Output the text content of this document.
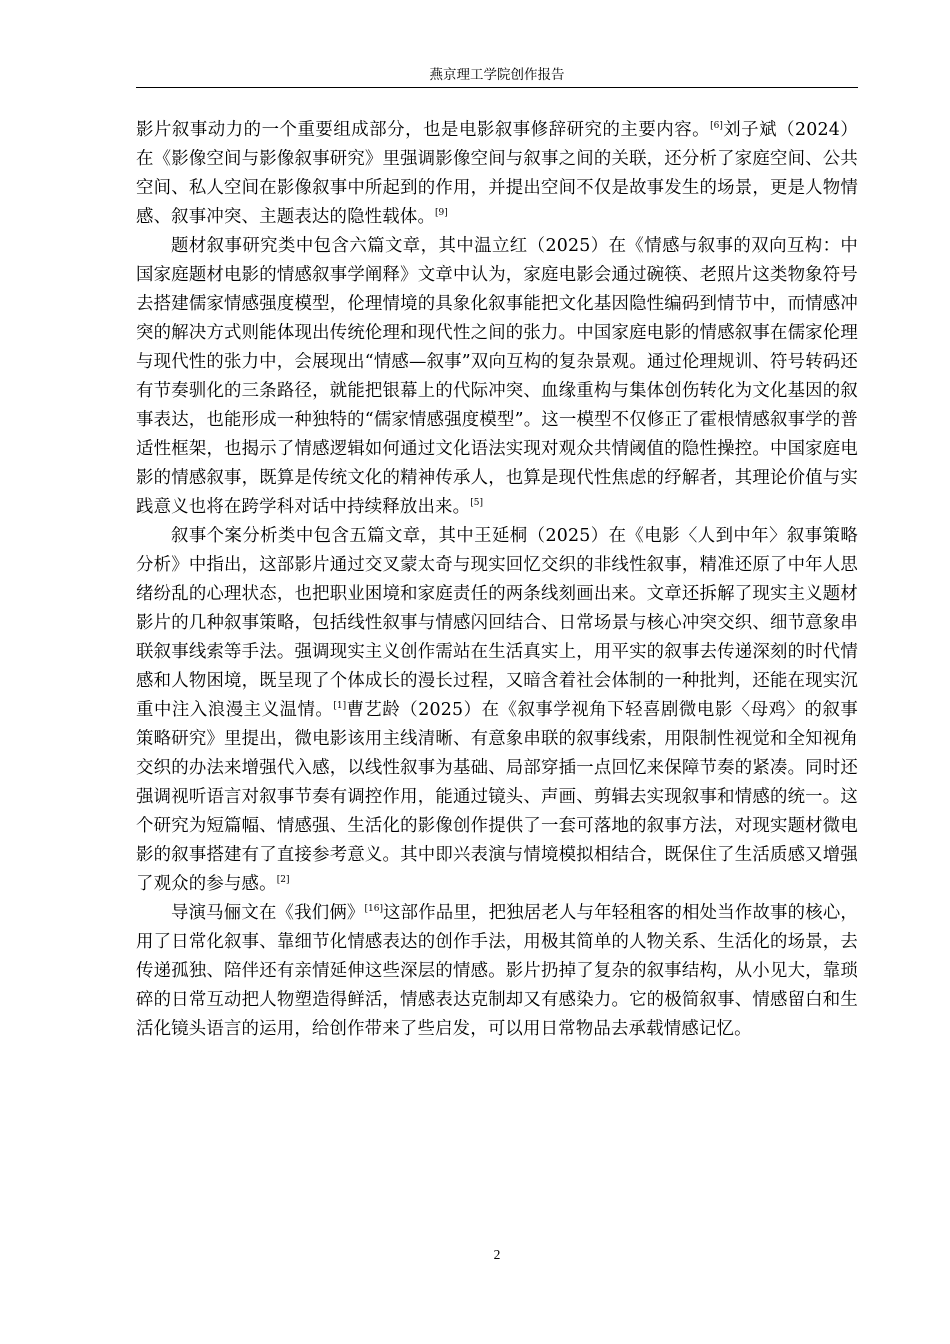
燕京理工学院创作报告

影片叙事动力的一个重要组成部分，也是电影叙事修辞研究的主要内容。[6]刘子斌（2024）在《影像空间与影像叙事研究》里强调影像空间与叙事之间的关联，还分析了家庭空间、公共空间、私人空间在影像叙事中所起到的作用，并提出空间不仅是故事发生的场景，更是人物情感、叙事冲突、主题表达的隐性载体。[9]

题材叙事研究类中包含六篇文章，其中温立红（2025）在《情感与叙事的双向互构：中国家庭题材电影的情感叙事学阐释》文章中认为，家庭电影会通过碗筷、老照片这类物象符号去搭建儒家情感强度模型，伦理情境的具象化叙事能把文化基因隐性编码到情节中，而情感冲突的解决方式则能体现出传统伦理和现代性之间的张力。中国家庭电影的情感叙事在儒家伦理与现代性的张力中，会展现出“情感—叙事”双向互构的复杂景观。通过伦理规训、符号转码还有节奏驯化的三条路径，就能把银幕上的代际冲突、血缘重构与集体创伤转化为文化基因的叙事表达，也能形成一种独特的“儒家情感强度模型”。这一模型不仅修正了霍根情感叙事学的普适性框架，也揭示了情感逻辑如何通过文化语法实现对观众共情阈值的隐性操控。中国家庭电影的情感叙事，既算是传统文化的精神传承人，也算是现代性焦虑的纾解者，其理论价值与实践意义也将在跨学科对话中持续释放出来。[5]

叙事个案分析类中包含五篇文章，其中王延桐（2025）在《电影〈人到中年〉叙事策略分析》中指出，这部影片通过交叉蒙太奇与现实回忆交织的非线性叙事，精准还原了中年人思绪纷乱的心理状态，也把职业困境和家庭责任的两条线刻画出来。文章还拆解了现实主义题材影片的几种叙事策略，包括线性叙事与情感闪回结合、日常场景与核心冲突交织、细节意象串联叙事线索等手法。强调现实主义创作需站在生活真实上，用平实的叙事去传递深刻的时代情感和人物困境，既呈现了个体成长的漫长过程，又暗含着社会体制的一种批判，还能在现实沉重中注入浪漫主义温情。[1]曹艺龄（2025）在《叙事学视角下轻喜剧微电影〈母鸡〉的叙事策略研究》里提出，微电影该用主线清晰、有意象串联的叙事线索，用限制性视觉和全知视角交织的办法来增强代入感，以线性叙事为基础、局部穿插一点回忆来保障节奏的紧凑。同时还强调视听语言对叙事节奏有调控作用，能通过镜头、声画、剪辑去实现叙事和情感的统一。这个研究为短篇幅、情感强、生活化的影像创作提供了一套可落地的叙事方法，对现实题材微电影的叙事搭建有了直接参考意义。其中即兴表演与情境模拟相结合，既保住了生活质感又增强了观众的参与感。[2]

导演马俪文在《我们俩》[16]这部作品里，把独居老人与年轻租客的相处当作故事的核心，用了日常化叙事、靠细节化情感表达的创作手法，用极其简单的人物关系、生活化的场景，去传递孤独、陪伴还有亲情延伸这些深层的情感。影片扔掉了复杂的叙事结构，从小见大，靠琐碎的日常互动把人物塑造得鲜活，情感表达克制却又有感染力。它的极简叙事、情感留白和生活化镜头语言的运用，给创作带来了些启发，可以用日常物品去承载情感记忆。

2
